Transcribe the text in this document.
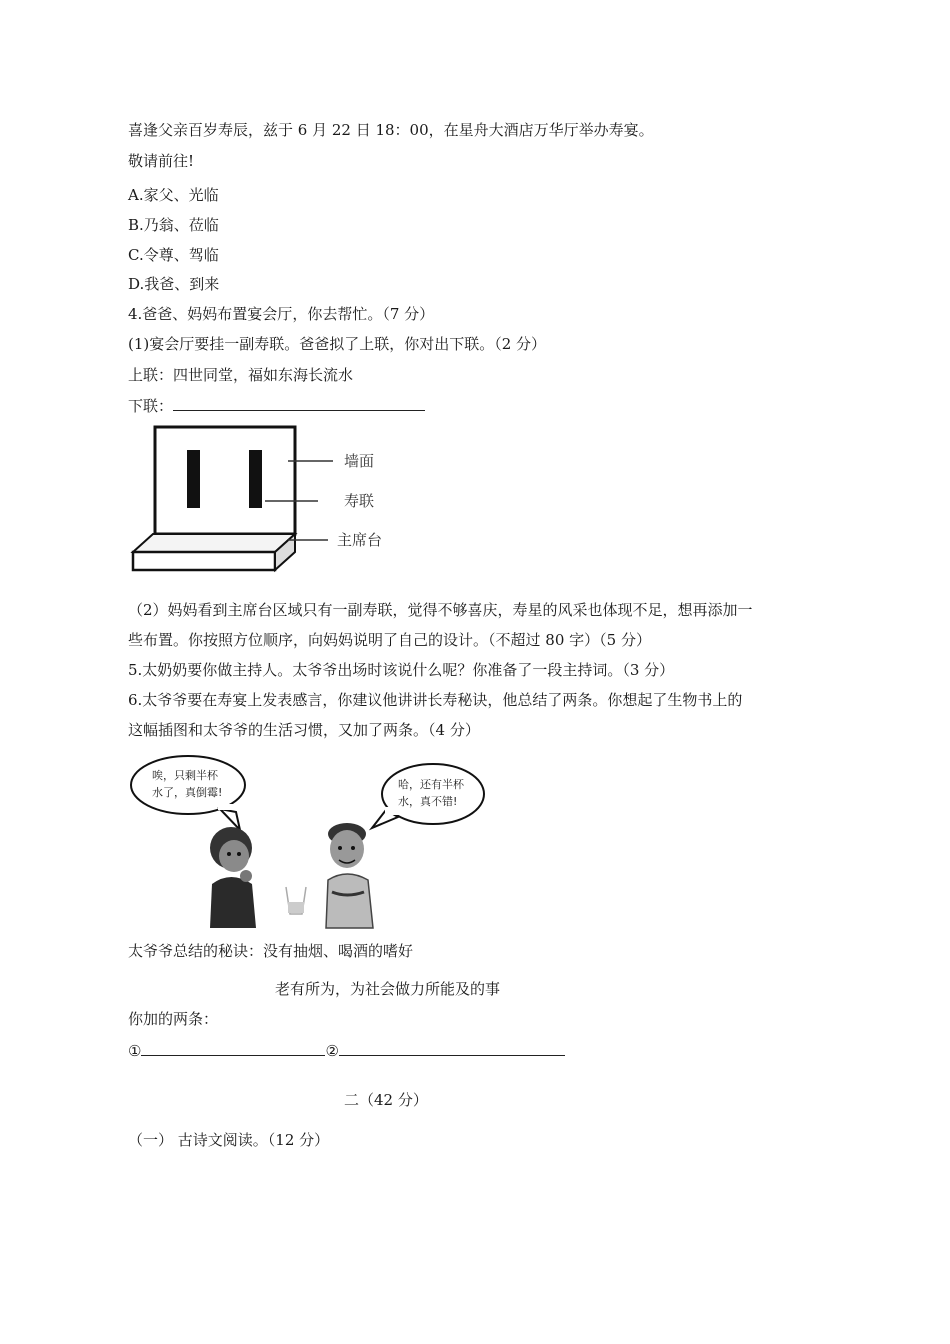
喜逢父亲百岁寿辰，兹于 6 月 22 日 18：00，在星舟大酒店万华厅举办寿宴。
敬请前往!
A.家父、光临
B.乃翁、莅临
C.令尊、驾临
D.我爸、到来
4.爸爸、妈妈布置宴会厅，你去帮忙。（7 分）
(1)宴会厅要挂一副寿联。爸爸拟了上联，你对出下联。（2 分）
上联：四世同堂，福如东海长流水
下联：
墙面
寿联
主席台
（2）妈妈看到主席台区域只有一副寿联，觉得不够喜庆，寿星的风采也体现不足，想再添加一
些布置。你按照方位顺序，向妈妈说明了自己的设计。（不超过 80 字）（5 分）
5.太奶奶要你做主持人。太爷爷出场时该说什么呢？你准备了一段主持词。（3 分）
6.太爷爷要在寿宴上发表感言，你建议他讲讲长寿秘诀，他总结了两条。你想起了生物书上的
这幅插图和太爷爷的生活习惯，又加了两条。（4 分）
唉，只剩半杯
水了，真倒霉!
哈，还有半杯
水，真不错!
太爷爷总结的秘诀：没有抽烟、喝酒的嗜好
老有所为，为社会做力所能及的事
你加的两条：
①	②
二（42 分）
（一） 古诗文阅读。（12 分）
